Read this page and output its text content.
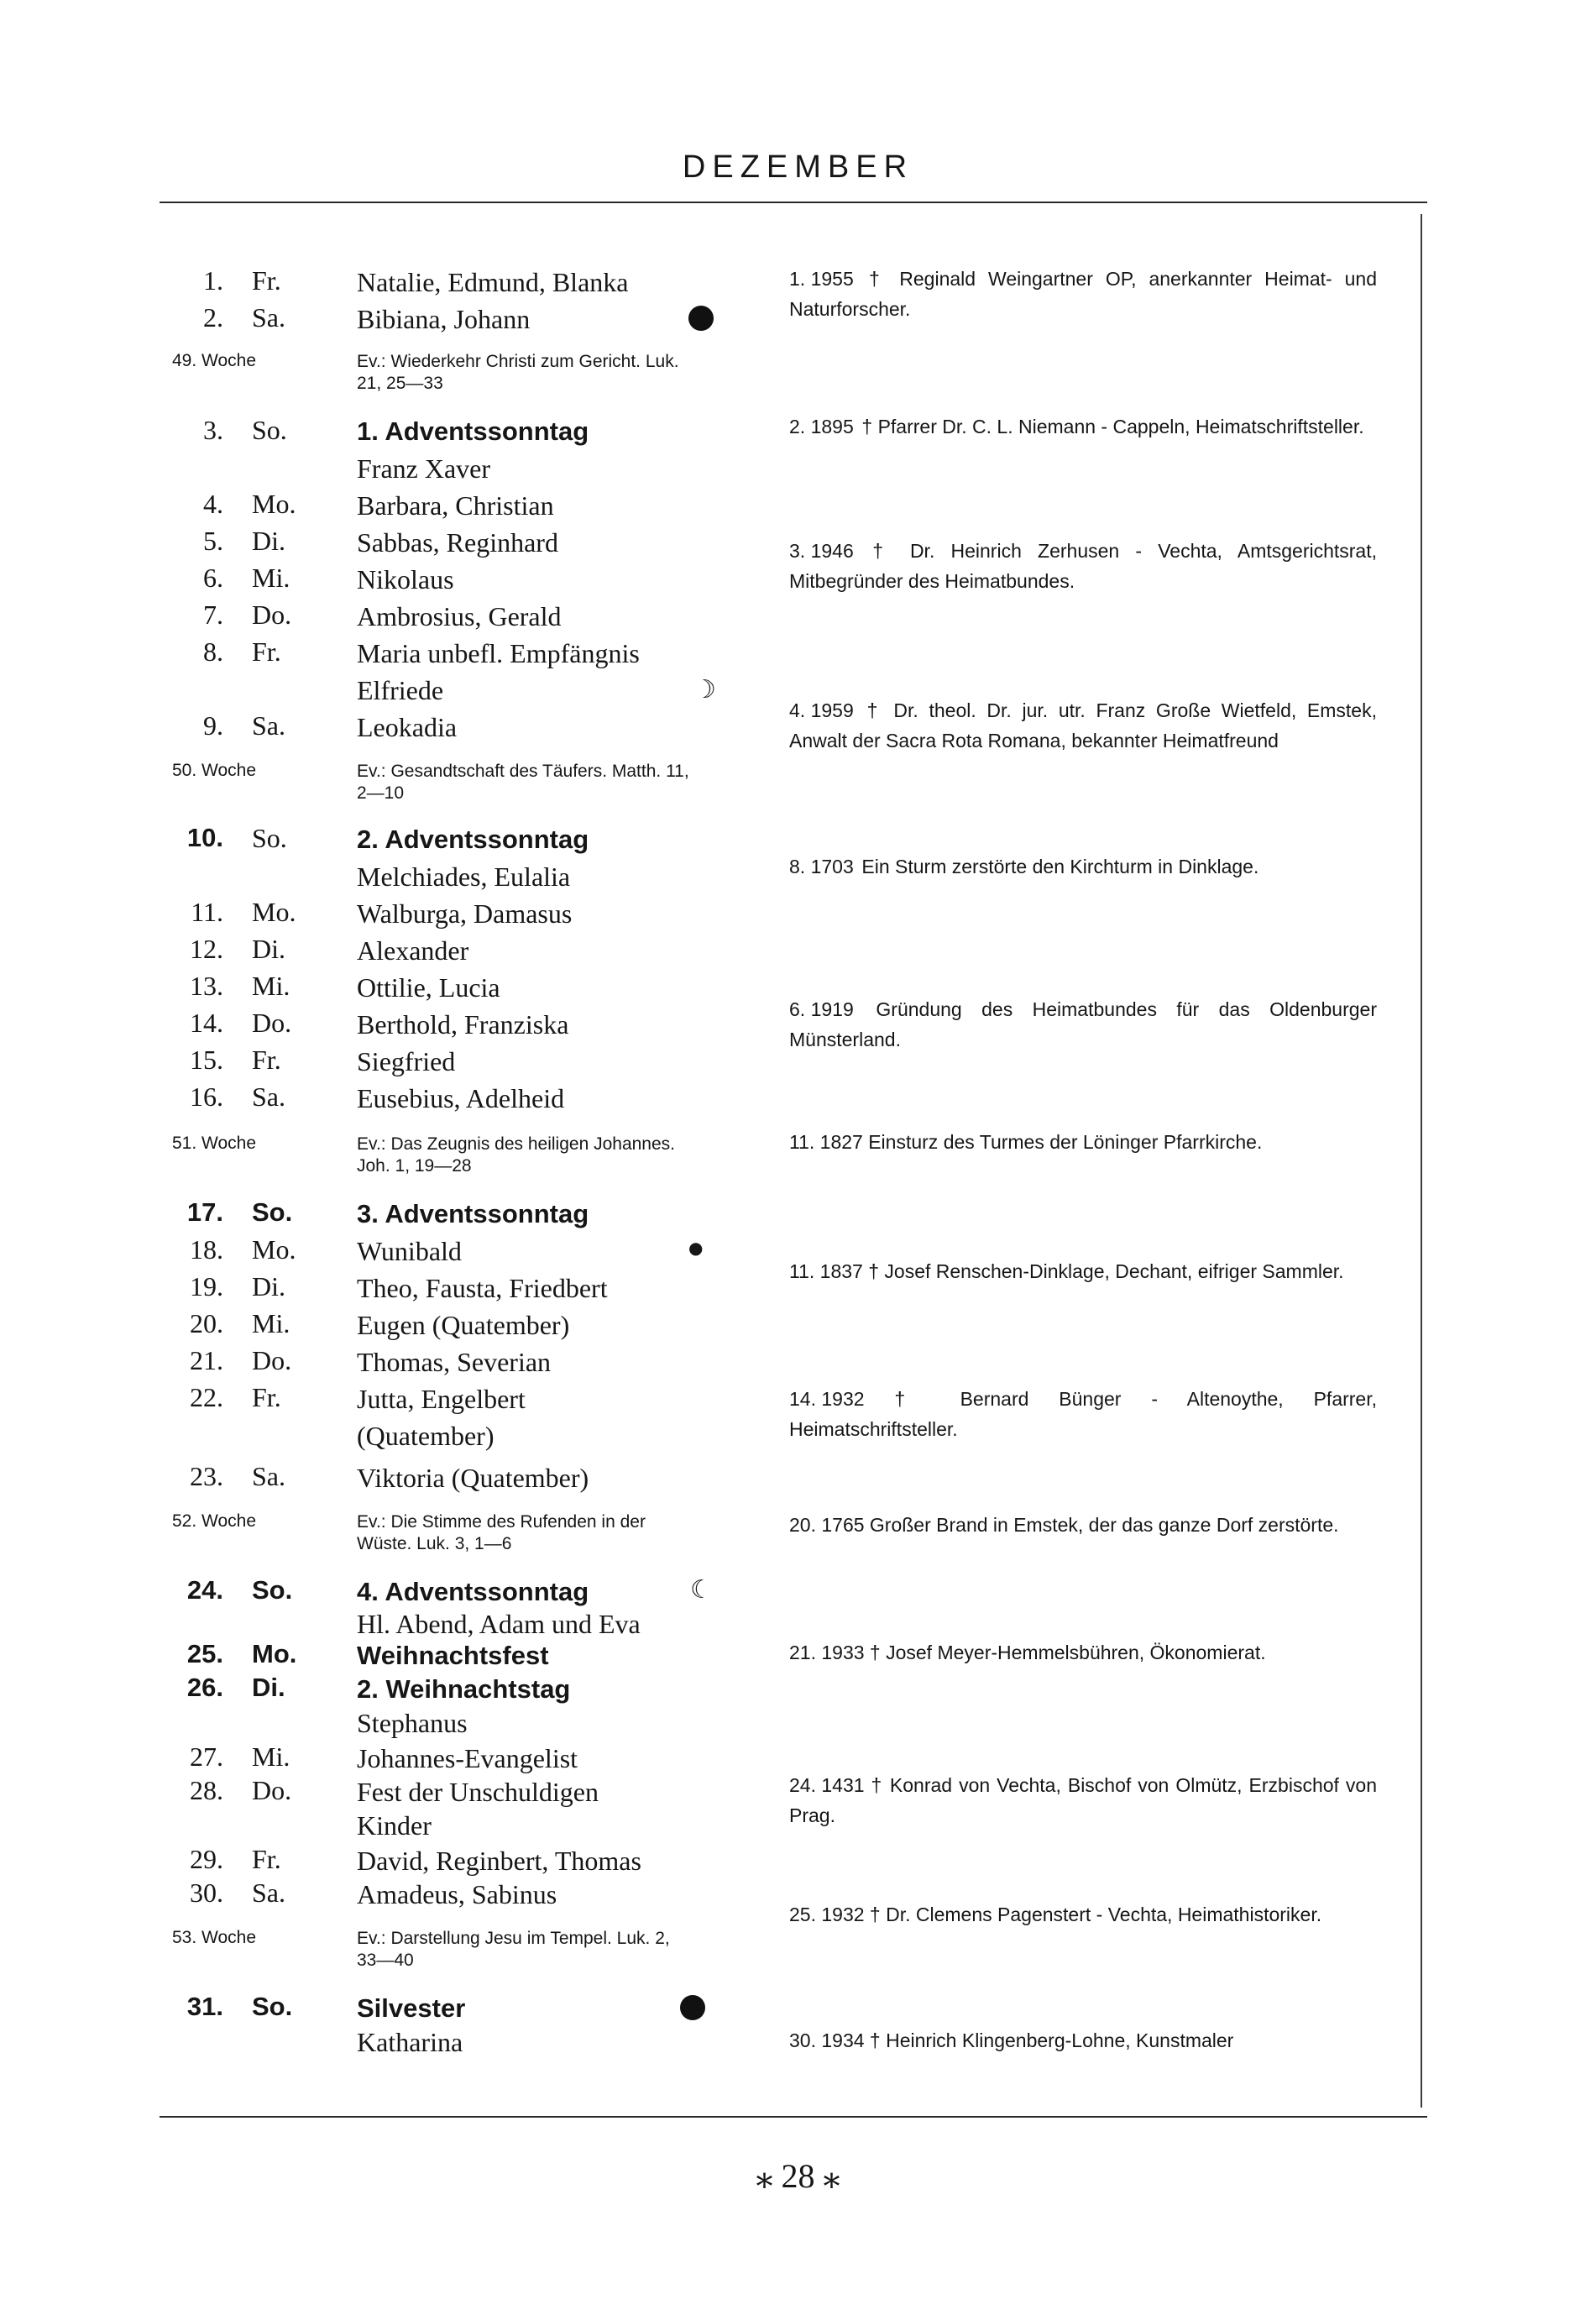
DEZEMBER
1. Fr.	Natalie, Edmund, Blanka
2. Sa.	Bibiana, Johann
49. Woche	Ev.: Wiederkehr Christi zum Gericht. Luk. 21, 25—33
3. So.	1. Adventssonntag
Franz Xaver
4. Mo. Barbara, Christian
5. Di.	Sabbas, Reginhard
6. Mi. Nikolaus
7. Do. Ambrosius, Gerald
8. Fr.	Maria unbefl. Empfängnis
Elfriede
9. Sa.	Leokadia
50. Woche	Ev.: Gesandtschaft des Täufers. Matth. 11, 2—10
10. So.	2. Adventssonntag
Melchiades, Eulalia
11. Mo. Walburga, Damasus
12. Di.	Alexander
13. Mi. Ottilie, Lucia
14. Do. Berthold, Franziska
15. Fr.	Siegfried
16. Sa.	Eusebius, Adelheid
51. Woche	Ev.: Das Zeugnis des heiligen Johannes. Joh. 1, 19—28
17. So. 3. Adventssonntag
18. Mo. Wunibald
19. Di.	Theo, Fausta, Friedbert
20. Mi. Eugen (Quatember)
21. Do. Thomas, Severian
22. Fr.	Jutta, Engelbert
(Quatember)
23. Sa.	Viktoria (Quatember)
52. Woche	Ev.: Die Stimme des Rufenden in der Wüste. Luk. 3, 1—6
24. So. 4. Adventssonntag
Hl. Abend, Adam und Eva
25. Mo. Weihnachtsfest
26. Di.	2. Weihnachtstag
Stephanus
27. Mi. Johannes-Evangelist
28. Do. Fest der Unschuldigen
Kinder
29. Fr.	David, Reginbert, Thomas
30. Sa.	Amadeus, Sabinus
53. Woche	Ev.: Darstellung Jesu im Tempel. Luk. 2, 33—40
31. So. Silvester
Katharina
☽
●
☾
1. 1955 † Reginald Weingartner OP, anerkannter Heimat- und Naturforscher.
2. 1895 † Pfarrer Dr. C. L. Niemann - Cappeln, Heimatschriftsteller.
3. 1946 † Dr. Heinrich Zerhusen - Vechta, Amtsgerichtsrat, Mitbegründer des Heimatbundes.
4. 1959 † Dr. theol. Dr. jur. utr. Franz Große Wietfeld, Emstek, Anwalt der Sacra Rota Romana, bekannter Heimatfreund
8. 1703 Ein Sturm zerstörte den Kirchturm in Dinklage.
6. 1919 Gründung des Heimatbundes für das Oldenburger Münsterland.
11. 1827 Einsturz des Turmes der Löninger Pfarrkirche.
11. 1837 † Josef Renschen-Dinklage, Dechant, eifriger Sammler.
14. 1932 † Bernard Bünger - Altenoythe, Pfarrer, Heimatschriftsteller.
20. 1765 Großer Brand in Emstek, der das ganze Dorf zerstörte.
21. 1933 † Josef Meyer-Hemmelsbühren, Ökonomierat.
24. 1431 † Konrad von Vechta, Bischof von Olmütz, Erzbischof von Prag.
25. 1932 † Dr. Clemens Pagenstert - Vechta, Heimathistoriker.
30. 1934 † Heinrich Klingenberg-Lohne, Kunstmaler
⁎ 28 ⁎
